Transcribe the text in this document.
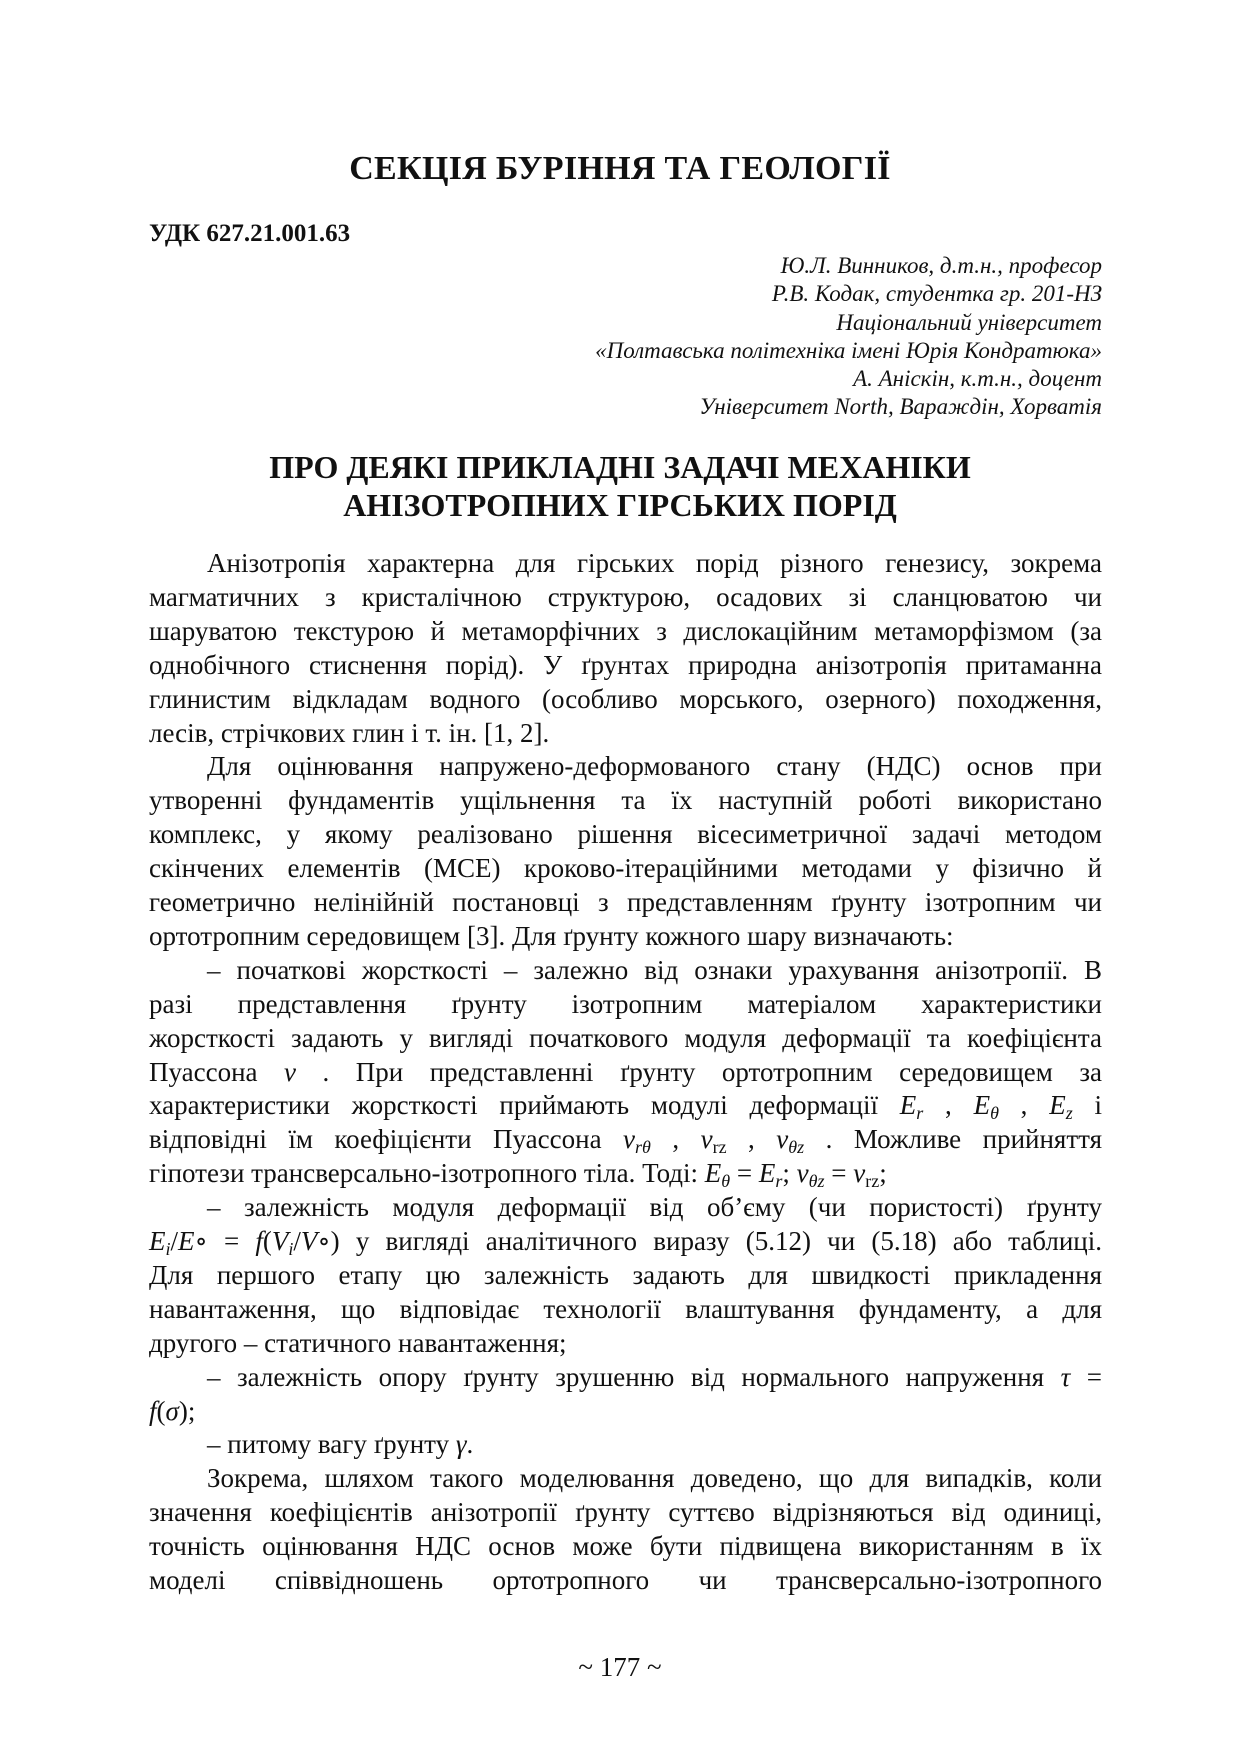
СЕКЦІЯ БУРІННЯ ТА ГЕОЛОГІЇ
УДК 627.21.001.63
Ю.Л. Винников, д.т.н., професор
Р.В. Кодак, студентка гр. 201-НЗ
Національний університет
«Полтавська політехніка імені Юрія Кондратюка»
А. Аніскін, к.т.н., доцент
Університет North, Вараждін, Хорватія
ПРО ДЕЯКІ ПРИКЛАДНІ ЗАДАЧІ МЕХАНІКИ
АНІЗОТРОПНИХ ГІРСЬКИХ ПОРІД
Анізотропія характерна для гірських порід різного генезису, зокрема
магматичних з кристалічною структурою, осадових зі сланцюватою чи
шаруватою текстурою й метаморфічних з дислокаційним метаморфізмом (за
однобічного стиснення порід). У ґрунтах природна анізотропія притаманна
глинистим відкладам водного (особливо морського, озерного) походження,
лесів, стрічкових глин і т. ін. [1, 2].
Для оцінювання напружено-деформованого стану (НДС) основ при
утворенні фундаментів ущільнення та їх наступній роботі використано
комплекс, у якому реалізовано рішення вісесиметричної задачі методом
скінчених елементів (МСЕ) кроково-ітераційними методами у фізично й
геометрично нелінійній постановці з представленням ґрунту ізотропним чи
ортотропним середовищем [3]. Для ґрунту кожного шару визначають:
– початкові жорсткості – залежно від ознаки урахування анізотропії. В
разі представлення ґрунту ізотропним матеріалом характеристики
жорсткості задають у вигляді початкового модуля деформації та коефіцієнта
Пуассона ν . При представленні ґрунту ортотропним середовищем за
характеристики жорсткості приймають модулі деформації $E_r$ , $E_\theta$ , $E_z$ і
відповідні їм коефіцієнти Пуассона $\nu_{r\theta}$ , $\nu_{rz}$ , $\nu_{\theta z}$ . Можливе прийняття
гіпотези трансверсально-ізотропного тіла. Тоді: $E_\theta = E_r$; $\nu_{\theta z} = \nu_{rz}$;
– залежність модуля деформації від об’єму (чи пористості) ґрунту
$E_i/E\circ$ = $f(V_i/V\circ)$ у вигляді аналітичного виразу (5.12) чи (5.18) або таблиці.
Для першого етапу цю залежність задають для швидкості прикладення
навантаження, що відповідає технології влаштування фундаменту, а для
другого – статичного навантаження;
– залежність опору ґрунту зрушенню від нормального напруження τ =
f(σ);
– питому вагу ґрунту γ.
Зокрема, шляхом такого моделювання доведено, що для випадків, коли
значення коефіцієнтів анізотропії ґрунту суттєво відрізняються від одиниці,
точність оцінювання НДС основ може бути підвищена використанням в їх
моделі співвідношень ортотропного чи трансверсально-ізотропного
~ 177 ~
